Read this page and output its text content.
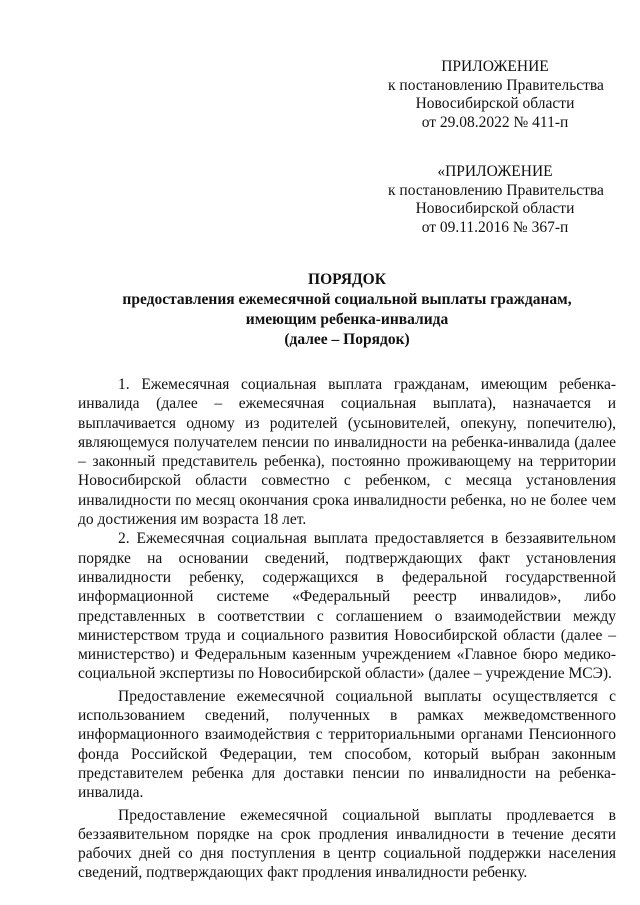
ПРИЛОЖЕНИЕ
к постановлению Правительства
Новосибирской области
от 29.08.2022 № 411-п
«ПРИЛОЖЕНИЕ
к постановлению Правительства
Новосибирской области
от 09.11.2016 № 367-п
ПОРЯДОК
предоставления ежемесячной социальной выплаты гражданам,
имеющим ребенка-инвалида
(далее – Порядок)

1. Ежемесячная социальная выплата гражданам, имеющим ребенка-инвалида (далее – ежемесячная социальная выплата), назначается и выплачивается одному из родителей (усыновителей, опекуну, попечителю), являющемуся получателем пенсии по инвалидности на ребенка-инвалида (далее – законный представитель ребенка), постоянно проживающему на территории Новосибирской области совместно с ребенком, с месяца установления инвалидности по месяц окончания срока инвалидности ребенка, но не более чем до достижения им возраста 18 лет.

2. Ежемесячная социальная выплата предоставляется в беззаявительном порядке на основании сведений, подтверждающих факт установления инвалидности ребенку, содержащихся в федеральной государственной информационной системе «Федеральный реестр инвалидов», либо представленных в соответствии с соглашением о взаимодействии между министерством труда и социального развития Новосибирской области (далее – министерство) и Федеральным казенным учреждением «Главное бюро медико-социальной экспертизы по Новосибирской области» (далее – учреждение МСЭ).

Предоставление ежемесячной социальной выплаты осуществляется с использованием сведений, полученных в рамках межведомственного информационного взаимодействия с территориальными органами Пенсионного фонда Российской Федерации, тем способом, который выбран законным представителем ребенка для доставки пенсии по инвалидности на ребенка-инвалида.

Предоставление ежемесячной социальной выплаты продлевается в беззаявительном порядке на срок продления инвалидности в течение десяти рабочих дней со дня поступления в центр социальной поддержки населения сведений, подтверждающих факт продления инвалидности ребенку.
